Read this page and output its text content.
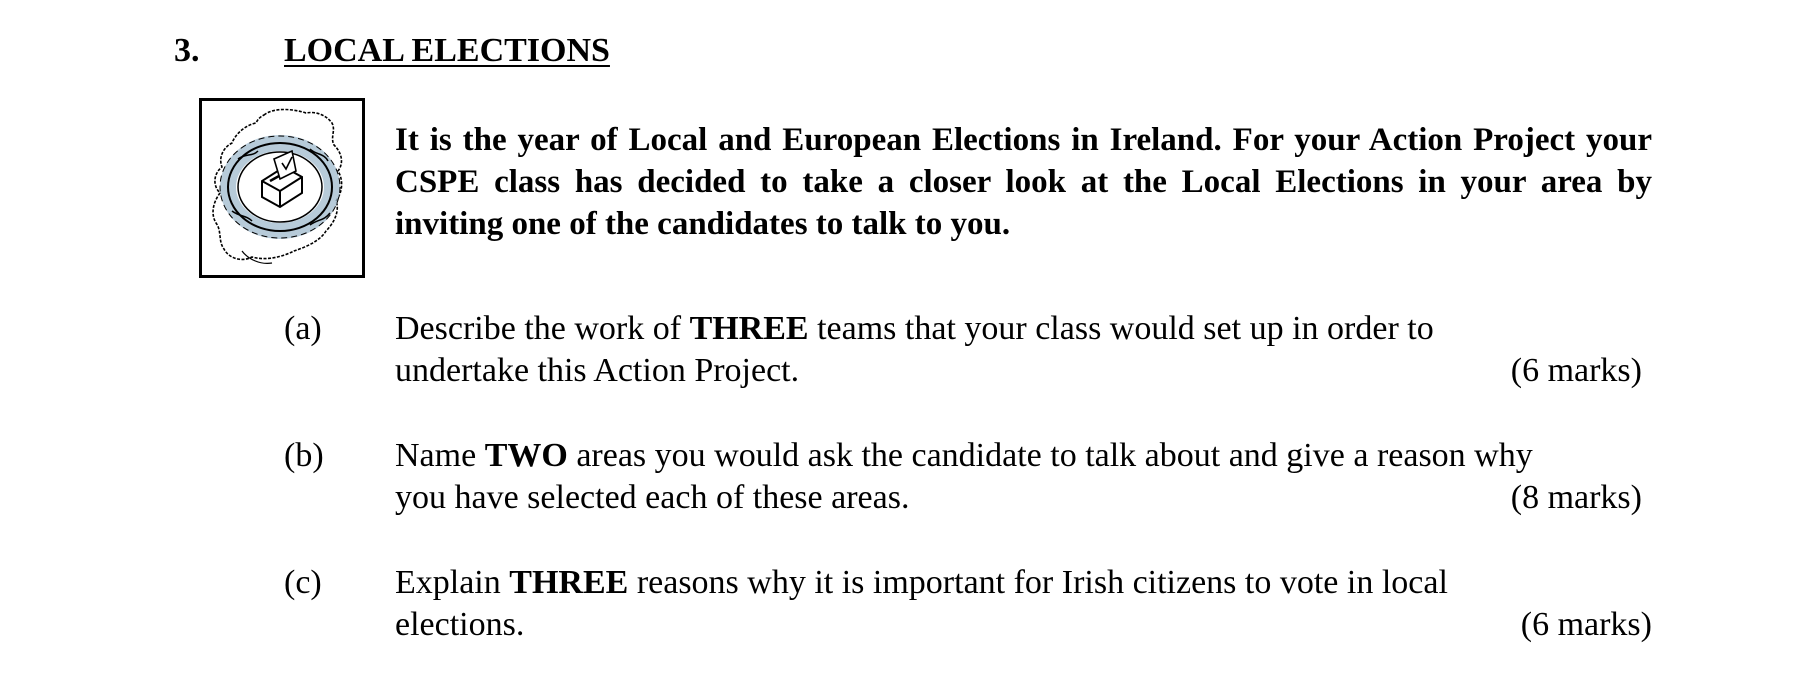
3. LOCAL ELECTIONS

It is the year of Local and European Elections in Ireland. For your Action Project your CSPE class has decided to take a closer look at the Local Elections in your area by inviting one of the candidates to talk to you.

(a) Describe the work of THREE teams that your class would set up in order to
undertake this Action Project.	(6 marks)
(b) Name TWO areas you would ask the candidate to talk about and give a reason why
you have selected each of these areas.	(8 marks)
(c) Explain THREE reasons why it is important for Irish citizens to vote in local
elections.	(6 marks)
